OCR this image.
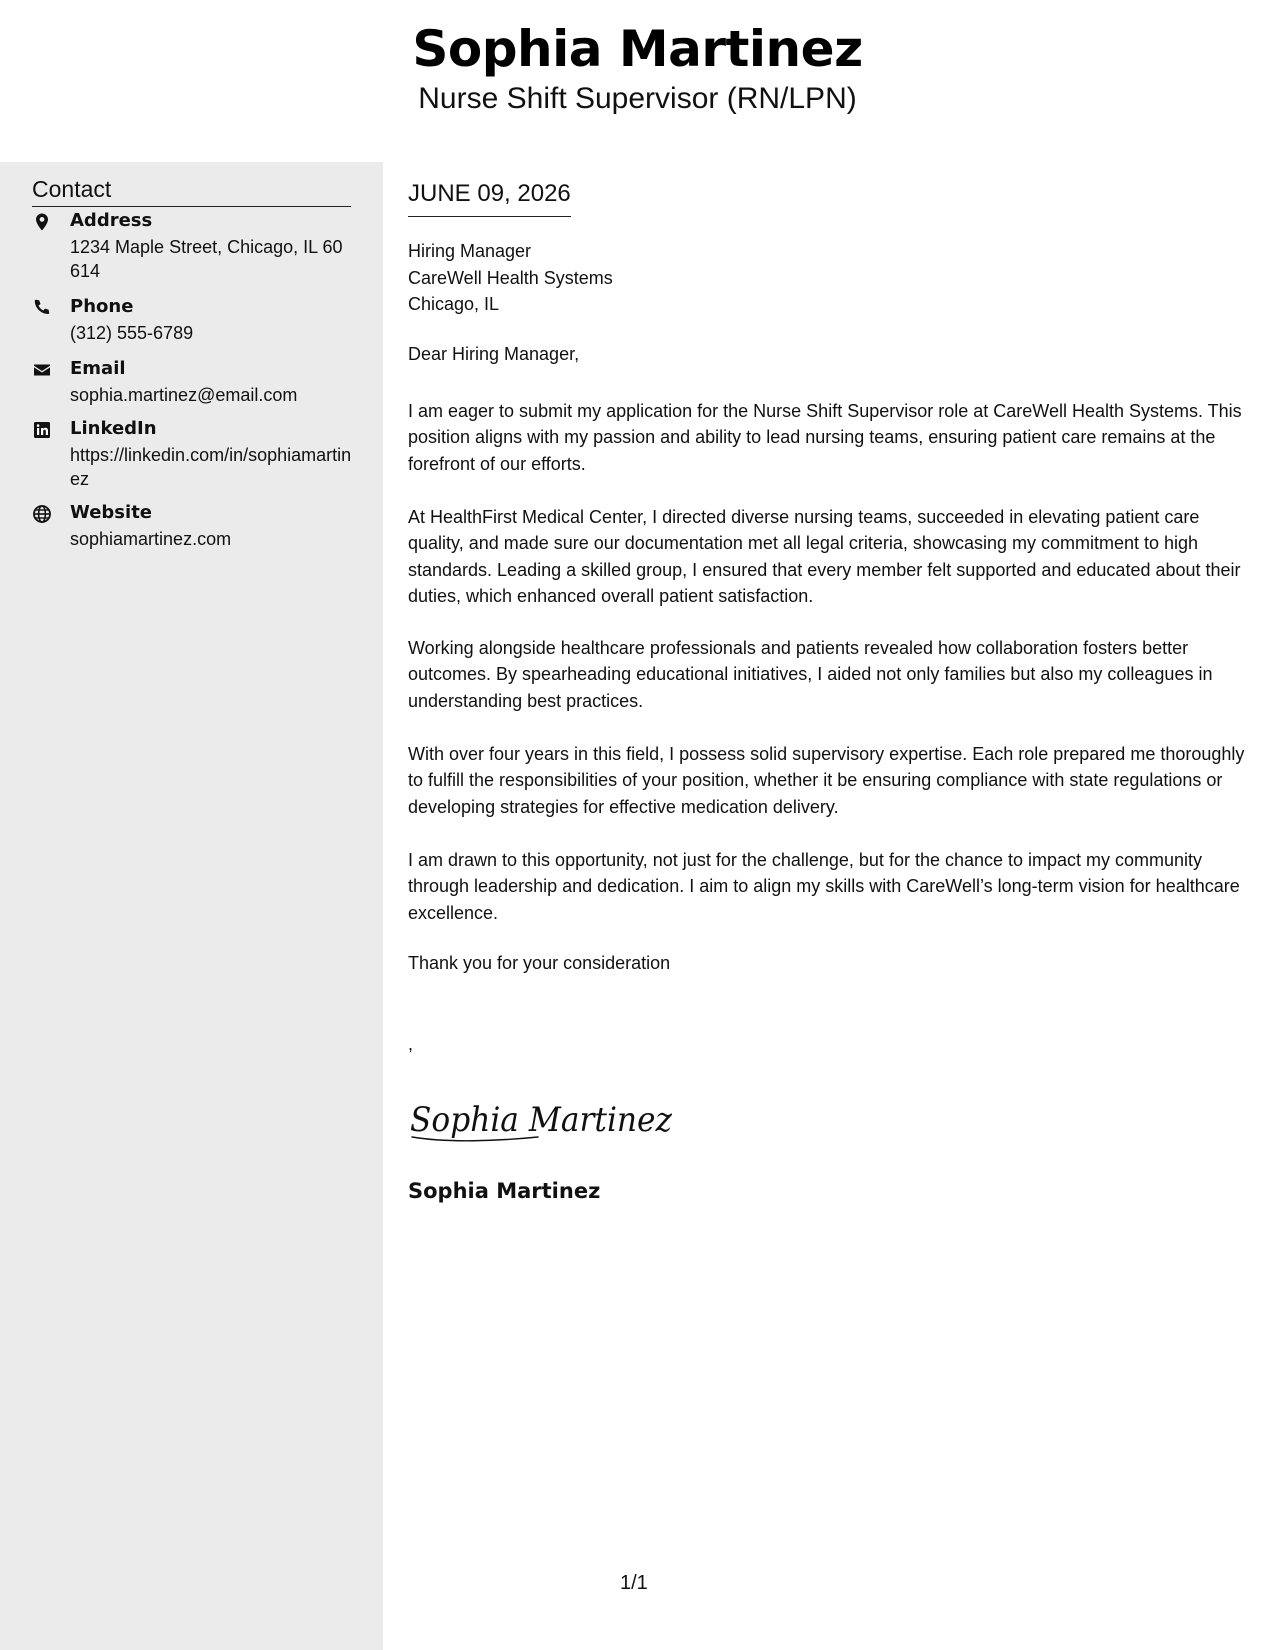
Sophia Martinez
Nurse Shift Supervisor (RN/LPN)
Contact
Address
1234 Maple Street, Chicago, IL 60614
Phone
(312) 555-6789
Email
sophia.martinez@email.com
LinkedIn
https://linkedin.com/in/sophiamartinez
Website
sophiamartinez.com
JUNE 09, 2026
Hiring Manager
CareWell Health Systems
Chicago, IL
Dear Hiring Manager,

I am eager to submit my application for the Nurse Shift Supervisor role at CareWell Health Systems. This position aligns with my passion and ability to lead nursing teams, ensuring patient care remains at the forefront of our efforts.

At HealthFirst Medical Center, I directed diverse nursing teams, succeeded in elevating patient care quality, and made sure our documentation met all legal criteria, showcasing my commitment to high standards. Leading a skilled group, I ensured that every member felt supported and educated about their duties, which enhanced overall patient satisfaction.

Working alongside healthcare professionals and patients revealed how collaboration fosters better outcomes. By spearheading educational initiatives, I aided not only families but also my colleagues in understanding best practices.

With over four years in this field, I possess solid supervisory expertise. Each role prepared me thoroughly to fulfill the responsibilities of your position, whether it be ensuring compliance with state regulations or developing strategies for effective medication delivery.

I am drawn to this opportunity, not just for the challenge, but for the chance to impact my community through leadership and dedication. I aim to align my skills with CareWell’s long-term vision for healthcare excellence.

Thank you for your consideration
,
Sophia Martinez
Sophia Martinez
1/1
